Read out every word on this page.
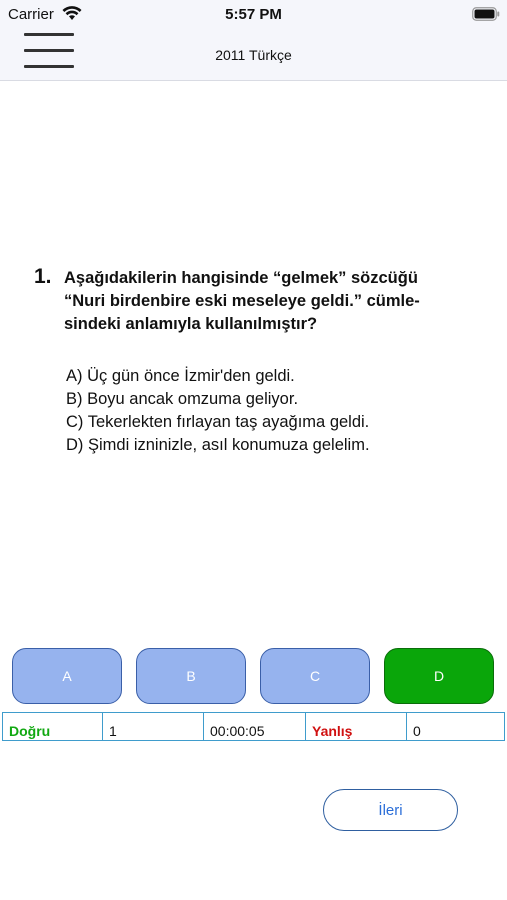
Carrier	5:57 PM
2011 Türkçe
1. Aşağıdakilerin hangisinde “gelmek” sözcüğü
“Nuri birdenbire eski meseleye geldi.” cümle-
sindeki anlamıyla kullanılmıştır?
A) Üç gün önce İzmir'den geldi.
B) Boyu ancak omzuma geliyor.
C) Tekerlekten fırlayan taş ayağıma geldi.
D) Şimdi izninizle, asıl konumuza gelelim.
A	B	C	D
Doğru	1	00:00:05	Yanlış	0
İleri
